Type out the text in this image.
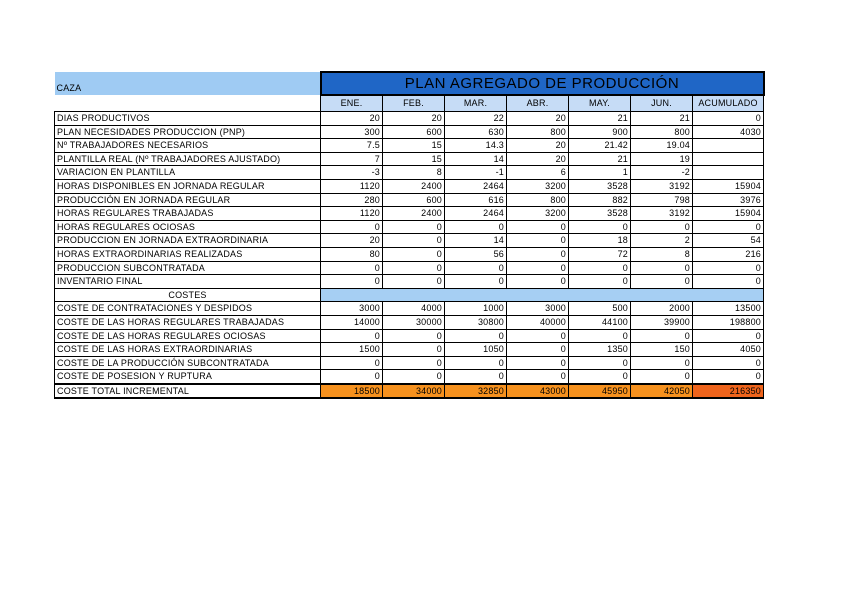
CAZA	PLAN AGREGADO DE PRODUCCIÓN						
	ENE.	FEB.	MAR.	ABR.	MAY.	JUN.	ACUMULADO
DIAS PRODUCTIVOS	20	20	22	20	21	21	0
PLAN NECESIDADES PRODUCCION (PNP)	300	600	630	800	900	800	4030
Nº TRABAJADORES NECESARIOS	7.5	15	14.3	20	21.42	19.04	
PLANTILLA REAL (Nº TRABAJADORES AJUSTADO)	7	15	14	20	21	19	
VARIACION EN PLANTILLA	-3	8	-1	6	1	-2	
HORAS DISPONIBLES EN JORNADA REGULAR	1120	2400	2464	3200	3528	3192	15904
PRODUCCIÓN EN JORNADA REGULAR	280	600	616	800	882	798	3976
HORAS REGULARES TRABAJADAS	1120	2400	2464	3200	3528	3192	15904
HORAS REGULARES OCIOSAS	0	0	0	0	0	0	0
PRODUCCION EN JORNADA EXTRAORDINARIA	20	0	14	0	18	2	54
HORAS EXTRAORDINARIAS REALIZADAS	80	0	56	0	72	8	216
PRODUCCION SUBCONTRATADA	0	0	0	0	0	0	0
INVENTARIO FINAL	0	0	0	0	0	0	0
COSTES							
COSTE DE CONTRATACIONES Y DESPIDOS	3000	4000	1000	3000	500	2000	13500
COSTE DE LAS HORAS REGULARES TRABAJADAS	14000	30000	30800	40000	44100	39900	198800
COSTE DE LAS HORAS REGULARES OCIOSAS	0	0	0	0	0	0	0
COSTE DE LAS HORAS EXTRAORDINARIAS	1500	0	1050	0	1350	150	4050
COSTE DE LA PRODUCCIÓN SUBCONTRATADA	0	0	0	0	0	0	0
COSTE DE POSESION Y RUPTURA	0	0	0	0	0	0	0
COSTE TOTAL INCREMENTAL	18500	34000	32850	43000	45950	42050	216350
